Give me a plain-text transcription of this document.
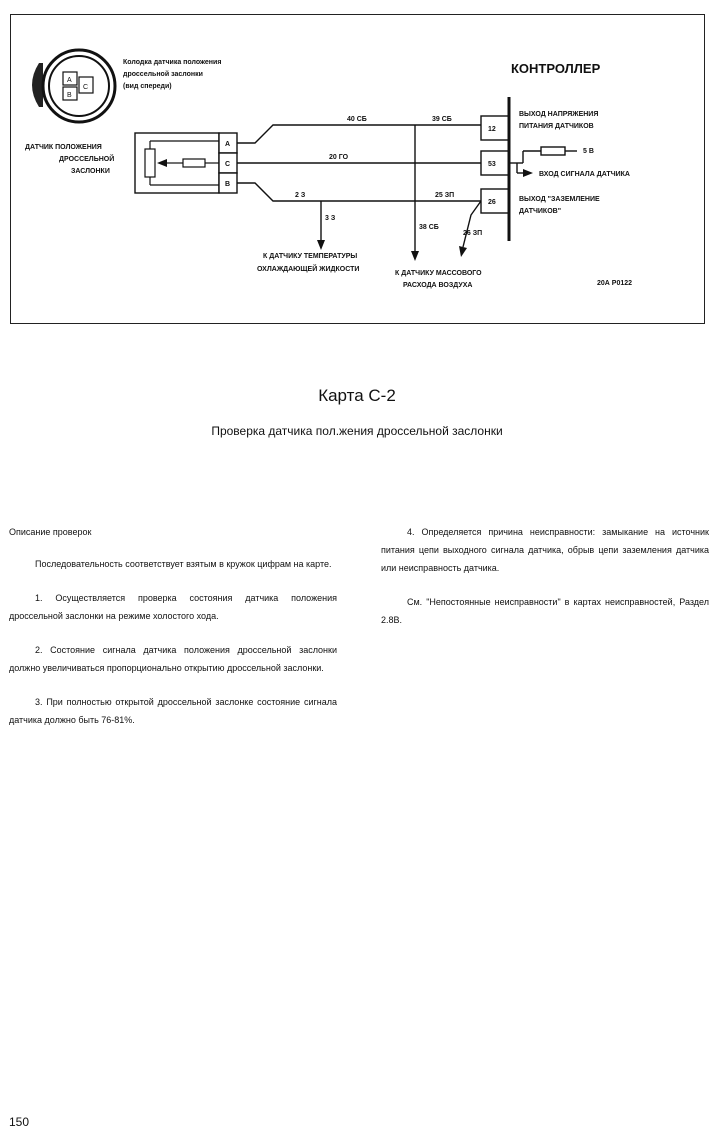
A
B
C
Колодка датчика положения
дроссельной заслонки
(вид спереди)
КОНТРОЛЛЕР
ДАТЧИК ПОЛОЖЕНИЯ
ДРОССЕЛЬНОЙ
ЗАСЛОНКИ
A
C
B
40 СБ	39 СБ
20 ГО
2 З
3 З
25 ЗП
38 СБ
26 ЗП
12
53
26
ВЫХОД НАПРЯЖЕНИЯ
ПИТАНИЯ ДАТЧИКОВ
5 В
ВХОД СИГНАЛА ДАТЧИКА
ВЫХОД "ЗАЗЕМЛЕНИЕ
ДАТЧИКОВ"
К ДАТЧИКУ ТЕМПЕРАТУРЫ
ОХЛАЖДАЮЩЕЙ ЖИДКОСТИ
К ДАТЧИКУ МАССОВОГО
РАСХОДА ВОЗДУХА	20А Р0122
Карта С-2
Проверка датчика пол.жения дроссельной заслонки

Описание проверок

Последовательность соответствует взятым в кружок цифрам на карте.

1. Осуществляется проверка состояния датчика положения дроссельной заслонки на режиме холостого хода.

2. Состояние сигнала датчика положения дроссельной заслонки должно увеличиваться пропорционально открытию дроссельной заслонки.

3. При полностью открытой дроссельной заслонке состояние сигнала датчика должно быть 76-81%.

4. Определяется причина неисправности: замыкание на источник питания цепи выходного сигнала датчика, обрыв цепи заземления датчика или неисправность датчика.

См. "Непостоянные неисправности" в картах неисправностей, Раздел 2.8В.

150
